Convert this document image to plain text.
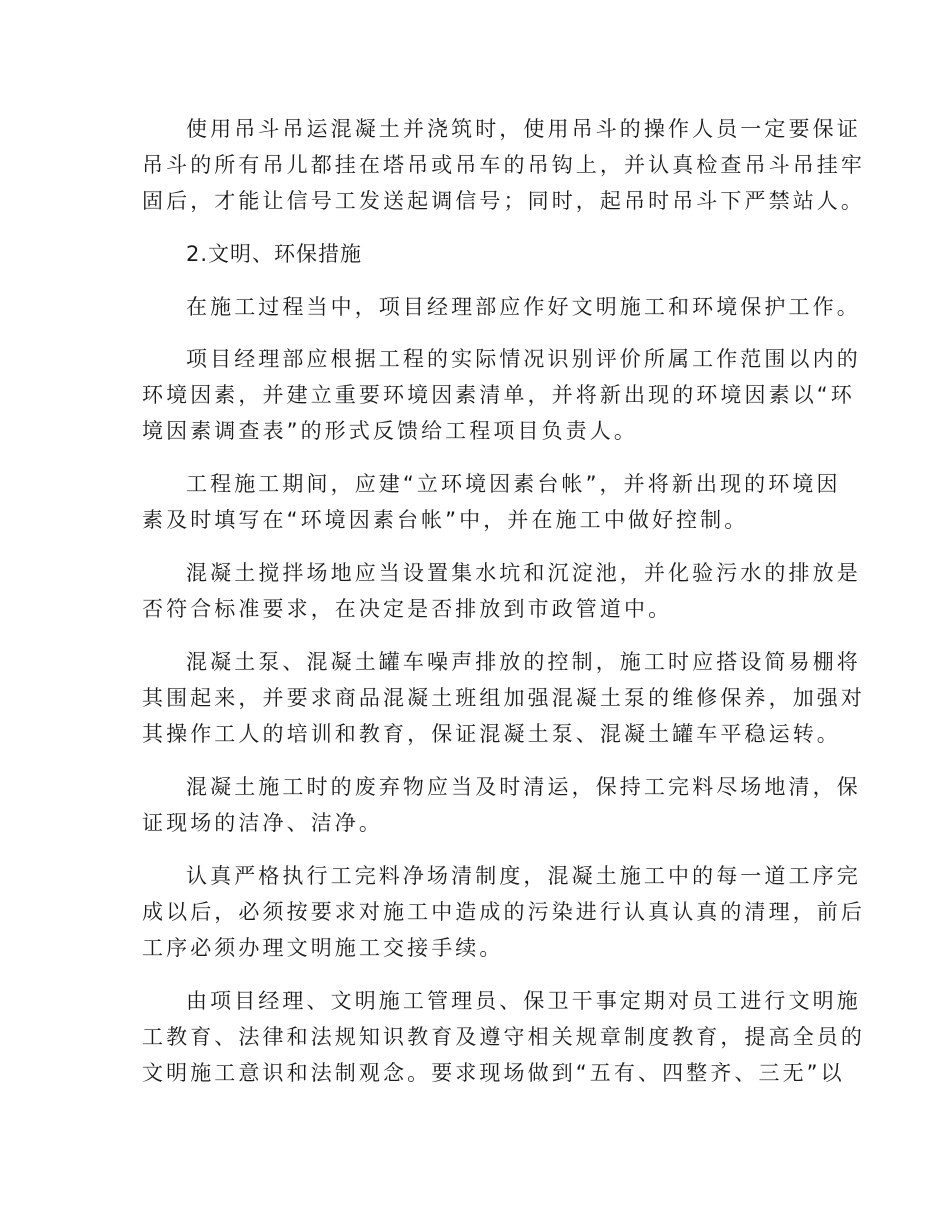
使用吊斗吊运混凝土并浇筑时，使用吊斗的操作人员一定要保证
吊斗的所有吊儿都挂在塔吊或吊车的吊钩上，并认真检查吊斗吊挂牢
固后，才能让信号工发送起调信号；同时，起吊时吊斗下严禁站人。
2.文明、环保措施
在施工过程当中，项目经理部应作好文明施工和环境保护工作。
项目经理部应根据工程的实际情况识别评价所属工作范围以内的
环境因素，并建立重要环境因素清单，并将新出现的环境因素以“环
境因素调查表”的形式反馈给工程项目负责人。
工程施工期间，应建“立环境因素台帐”，并将新出现的环境因
素及时填写在“环境因素台帐”中，并在施工中做好控制。
混凝土搅拌场地应当设置集水坑和沉淀池，并化验污水的排放是
否符合标准要求，在决定是否排放到市政管道中。
混凝土泵、混凝土罐车噪声排放的控制，施工时应搭设简易棚将
其围起来，并要求商品混凝土班组加强混凝土泵的维修保养，加强对
其操作工人的培训和教育，保证混凝土泵、混凝土罐车平稳运转。
混凝土施工时的废弃物应当及时清运，保持工完料尽场地清，保
证现场的洁净、洁净。
认真严格执行工完料净场清制度，混凝土施工中的每一道工序完
成以后，必须按要求对施工中造成的污染进行认真认真的清理，前后
工序必须办理文明施工交接手续。
由项目经理、文明施工管理员、保卫干事定期对员工进行文明施
工教育、法律和法规知识教育及遵守相关规章制度教育，提高全员的
文明施工意识和法制观念。要求现场做到“五有、四整齐、三无”以
